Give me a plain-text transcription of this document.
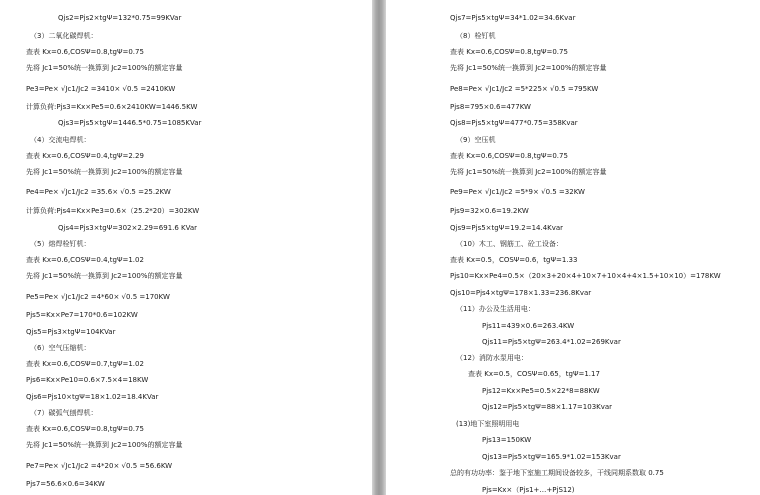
Qjs2=Pjs2×tgΨ=132*0.75=99KVar
（3）二氧化碳焊机：
查表 Kx=0.6,COSΨ=0.8,tgΨ=0.75
先将 Jc1=50%统一换算到 Jc2=100%的额定容量
Pe3=Pe× √Jc1/Jc2 =3410× √0.5 =2410KW
计算负荷:Pjs3=Kx×Pe5=0.6×2410KW=1446.5KW
Qjs3=Pjs5×tgΨ=1446.5*0.75=1085KVar
（4）交流电焊机：
查表 Kx=0.6,COSΨ=0.4,tgΨ=2.29
先将 Jc1=50%统一换算到 Jc2=100%的额定容量
Pe4=Pe× √Jc1/Jc2 =35.6× √0.5 =25.2KW
计算负荷:Pjs4=Kx×Pe3=0.6×（25.2*20）=302KW
Qjs4=Pjs3×tgΨ=302×2.29=691.6 KVar
（5）熔焊栓钉机：
查表 Kx=0.6,COSΨ=0.4,tgΨ=1.02
先将 Jc1=50%统一换算到 Jc2=100%的额定容量
Pe5=Pe× √Jc1/Jc2 =4*60× √0.5 =170KW
Pjs5=Kx×Pe7=170*0.6=102KW
Qjs5=Pjs3×tgΨ=104KVar
（6）空气压缩机：
查表 Kx=0.6,COSΨ=0.7,tgΨ=1.02
Pjs6=Kx×Pe10=0.6×7.5×4=18KW
Qjs6=Pjs10×tgΨ=18×1.02=18.4KVar
（7）碳弧气刨焊机：
查表 Kx=0.6,COSΨ=0.8,tgΨ=0.75
先将 Jc1=50%统一换算到 Jc2=100%的额定容量
Pe7=Pe× √Jc1/Jc2 =4*20× √0.5 =56.6KW
Pjs7=56.6×0.6=34KW
Qjs7=Pjs5×tgΨ=34*1.02=34.6Kvar
（8）栓钉机
查表 Kx=0.6,COSΨ=0.8,tgΨ=0.75
先将 Jc1=50%统一换算到 Jc2=100%的额定容量
Pe8=Pe× √Jc1/Jc2 =5*225× √0.5 =795KW
Pjs8=795×0.6=477KW
Qjs8=Pjs5×tgΨ=477*0.75=358Kvar
（9）空压机
查表 Kx=0.6,COSΨ=0.8,tgΨ=0.75
先将 Jc1=50%统一换算到 Jc2=100%的额定容量
Pe9=Pe× √Jc1/Jc2 =5*9× √0.5 =32KW
Pjs9=32×0.6=19.2KW
Qjs9=Pjs5×tgΨ=19.2=14.4Kvar
（10）木工、钢筋工、砼工设备：
查表 Kx=0.5，COSΨ=0.6，tgΨ=1.33
Pjs10=Kx×Pe4=0.5×（20×3+20×4+10×7+10×4+4×1.5+10×10）=178KW
Qjs10=Pjs4×tgΨ=178×1.33=236.8Kvar
（11）办公及生活用电：
Pjs11=439×0.6=263.4KW
Qjs11=Pjs5×tgΨ=263.4*1.02=269Kvar
（12）消防水泵用电：
查表 Kx=0.5，COSΨ=0.65，tgΨ=1.17
Pjs12=Kx×Pe5=0.5×22*8=88KW
Qjs12=Pjs5×tgΨ=88×1.17=103Kvar
(13)地下室照明用电
Pjs13=150KW
Qjs13=Pjs5×tgΨ=165.9*1.02=153Kvar
总的有功功率：鉴于地下室施工期间设备较多，干线同期系数取 0.75
Pjs=Kx×（Pjs1+…+PjS12)
